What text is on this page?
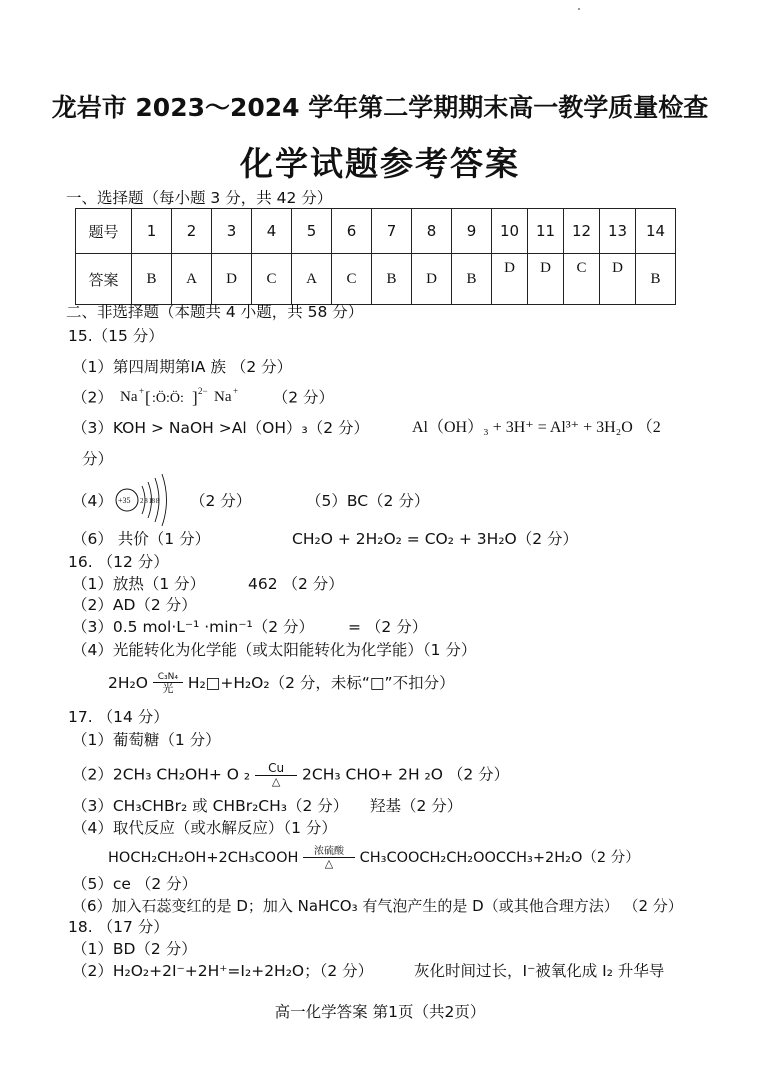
龙岩市 2023～2024 学年第二学期期末高一教学质量检查
化学试题参考答案
一、选择题（每小题 3 分，共 42 分）
题号	1	2	3	4	5	6	7	8	9	10	11	12	13	14
答案	B	A	D	C	A	C	B	D	B	D	D	C	D	B
二、非选择题（本题共 4 小题，共 58 分）
15.（15 分）
（1）第四周期第ⅠA 族 （2 分）
（2） Na + [ :Ö:Ö: ] 2− Na + （2 分）
（3）KOH > NaOH >Al（OH）₃（2 分）	Al（OH）₃ + 3H⁺ = Al³⁺ + 3H₂O （2
分）
（4） +35 2 8 18 8 （2 分）	（5）BC（2 分）
（6） 共价（1 分）	CH₂O + 2H₂O₂ = CO₂ + 3H₂O（2 分）
16. （12 分）
（1）放热（1 分）	462 （2 分）
（2）AD（2 分）
（3）0.5 mol·L⁻¹ ·min⁻¹（2 分） = （2 分）
（4）光能转化为化学能（或太阳能转化为化学能）（1 分）
2H₂O	C₃N₄
光 H₂□+H₂O₂（2 分，未标“□”不扣分）
17. （14 分）
（1）葡萄糖（1 分）
（2）2CH₃ CH₂OH+ O ₂	Cu
△	2CH₃ CHO+ 2H ₂O （2 分）
（3）CH₃CHBr₂ 或 CHBr₂CH₃（2 分） 羟基（2 分）
（4）取代反应（或水解反应）（1 分）
HOCH₂CH₂OH+2CH₃COOH	浓硫酸
△	CH₃COOCH₂CH₂OOCCH₃+2H₂O（2 分）
（5）ce （2 分）
（6）加入石蕊变红的是 D；加入 NaHCO₃ 有气泡产生的是 D（或其他合理方法） （2 分）
18. （17 分）
（1）BD（2 分）
（2）H₂O₂+2I⁻+2H⁺=I₂+2H₂O；（2 分）	灰化时间过长，I⁻被氧化成 I₂ 升华导
高一化学答案 第1页（共2页）
